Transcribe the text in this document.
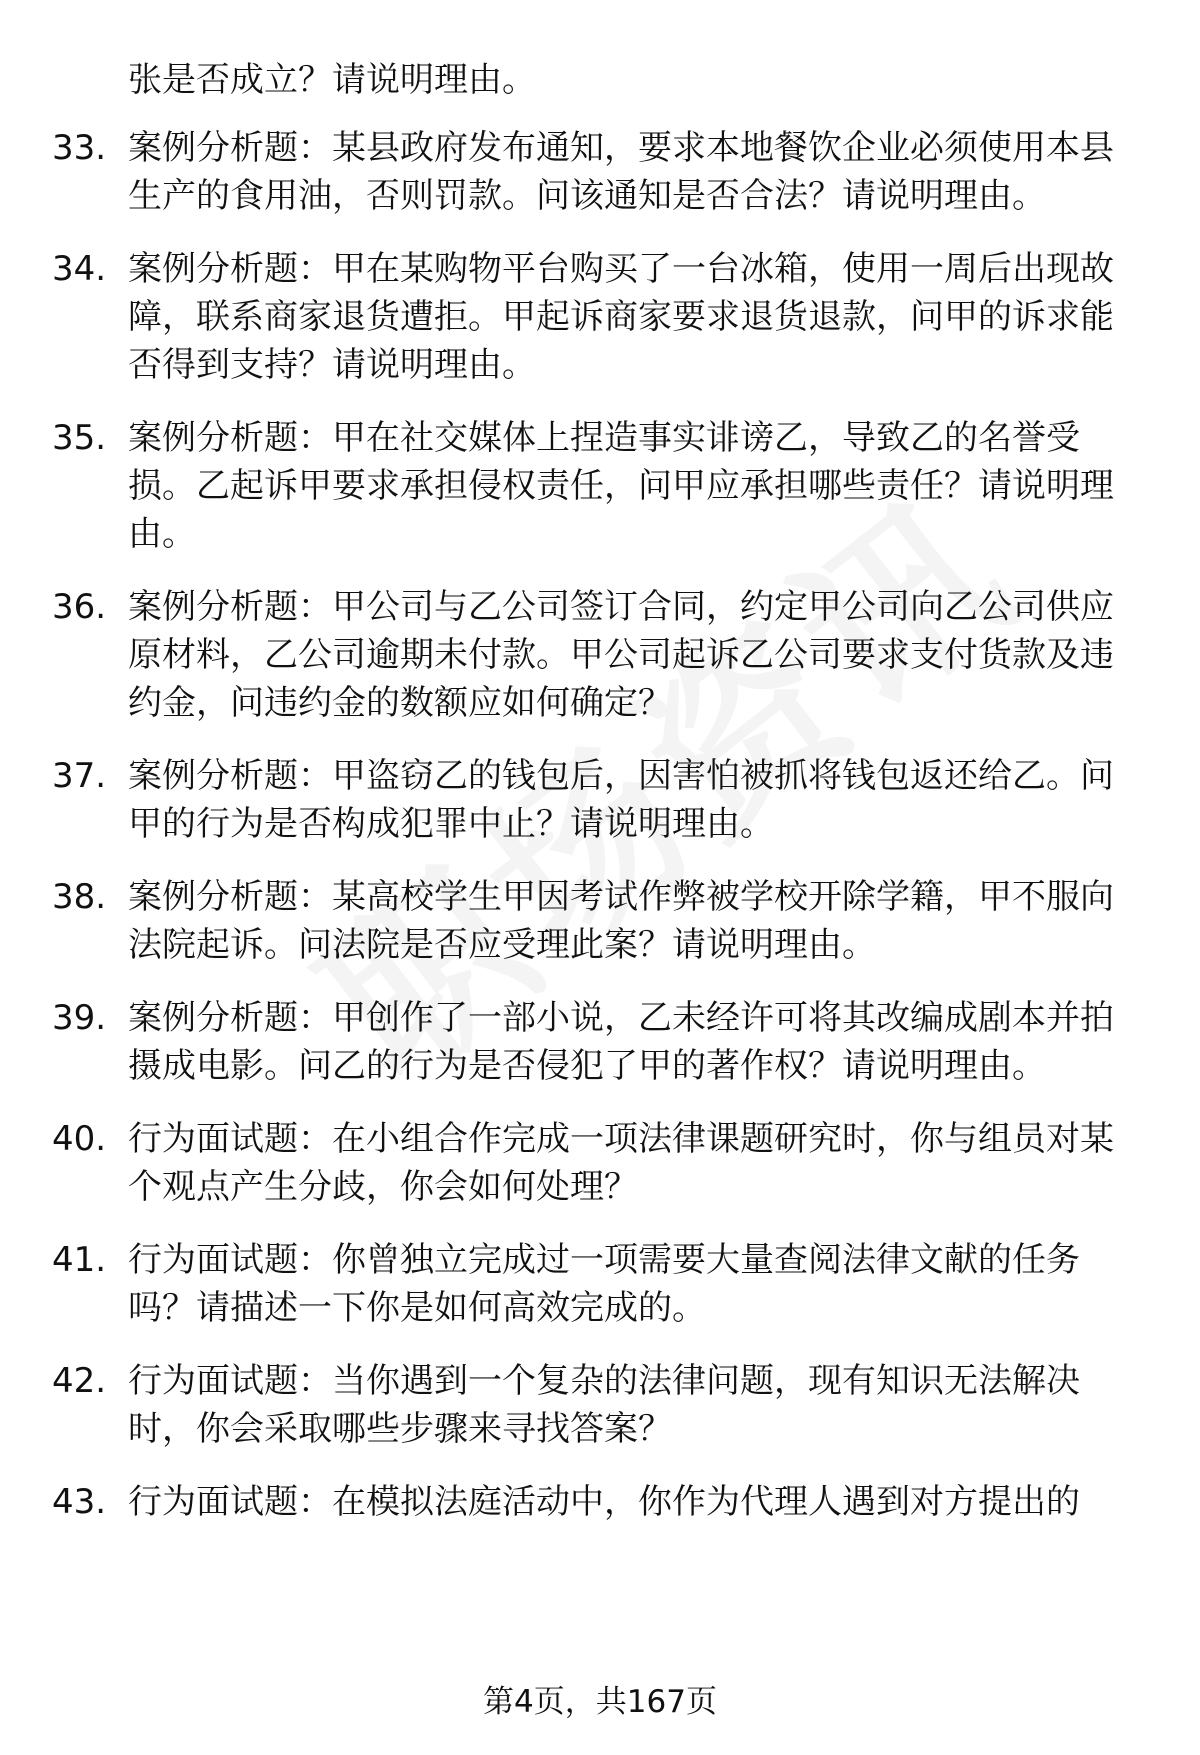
张是否成立？请说明理由。
33. 案例分析题：某县政府发布通知，要求本地餐饮企业必须使用本县生产的食用油，否则罚款。问该通知是否合法？请说明理由。
34. 案例分析题：甲在某购物平台购买了一台冰箱，使用一周后出现故障，联系商家退货遭拒。甲起诉商家要求退货退款，问甲的诉求能否得到支持？请说明理由。
35. 案例分析题：甲在社交媒体上捏造事实诽谤乙，导致乙的名誉受损。乙起诉甲要求承担侵权责任，问甲应承担哪些责任？请说明理由。
36. 案例分析题：甲公司与乙公司签订合同，约定甲公司向乙公司供应原材料，乙公司逾期未付款。甲公司起诉乙公司要求支付货款及违约金，问违约金的数额应如何确定？
37. 案例分析题：甲盗窃乙的钱包后，因害怕被抓将钱包返还给乙。问甲的行为是否构成犯罪中止？请说明理由。
38. 案例分析题：某高校学生甲因考试作弊被学校开除学籍，甲不服向法院起诉。问法院是否应受理此案？请说明理由。
39. 案例分析题：甲创作了一部小说，乙未经许可将其改编成剧本并拍摄成电影。问乙的行为是否侵犯了甲的著作权？请说明理由。
40. 行为面试题：在小组合作完成一项法律课题研究时，你与组员对某个观点产生分歧，你会如何处理？
41. 行为面试题：你曾独立完成过一项需要大量查阅法律文献的任务吗？请描述一下你是如何高效完成的。
42. 行为面试题：当你遇到一个复杂的法律问题，现有知识无法解决时，你会采取哪些步骤来寻找答案？
43. 行为面试题：在模拟法庭活动中，你作为代理人遇到对方提出的
第4页，共167页
